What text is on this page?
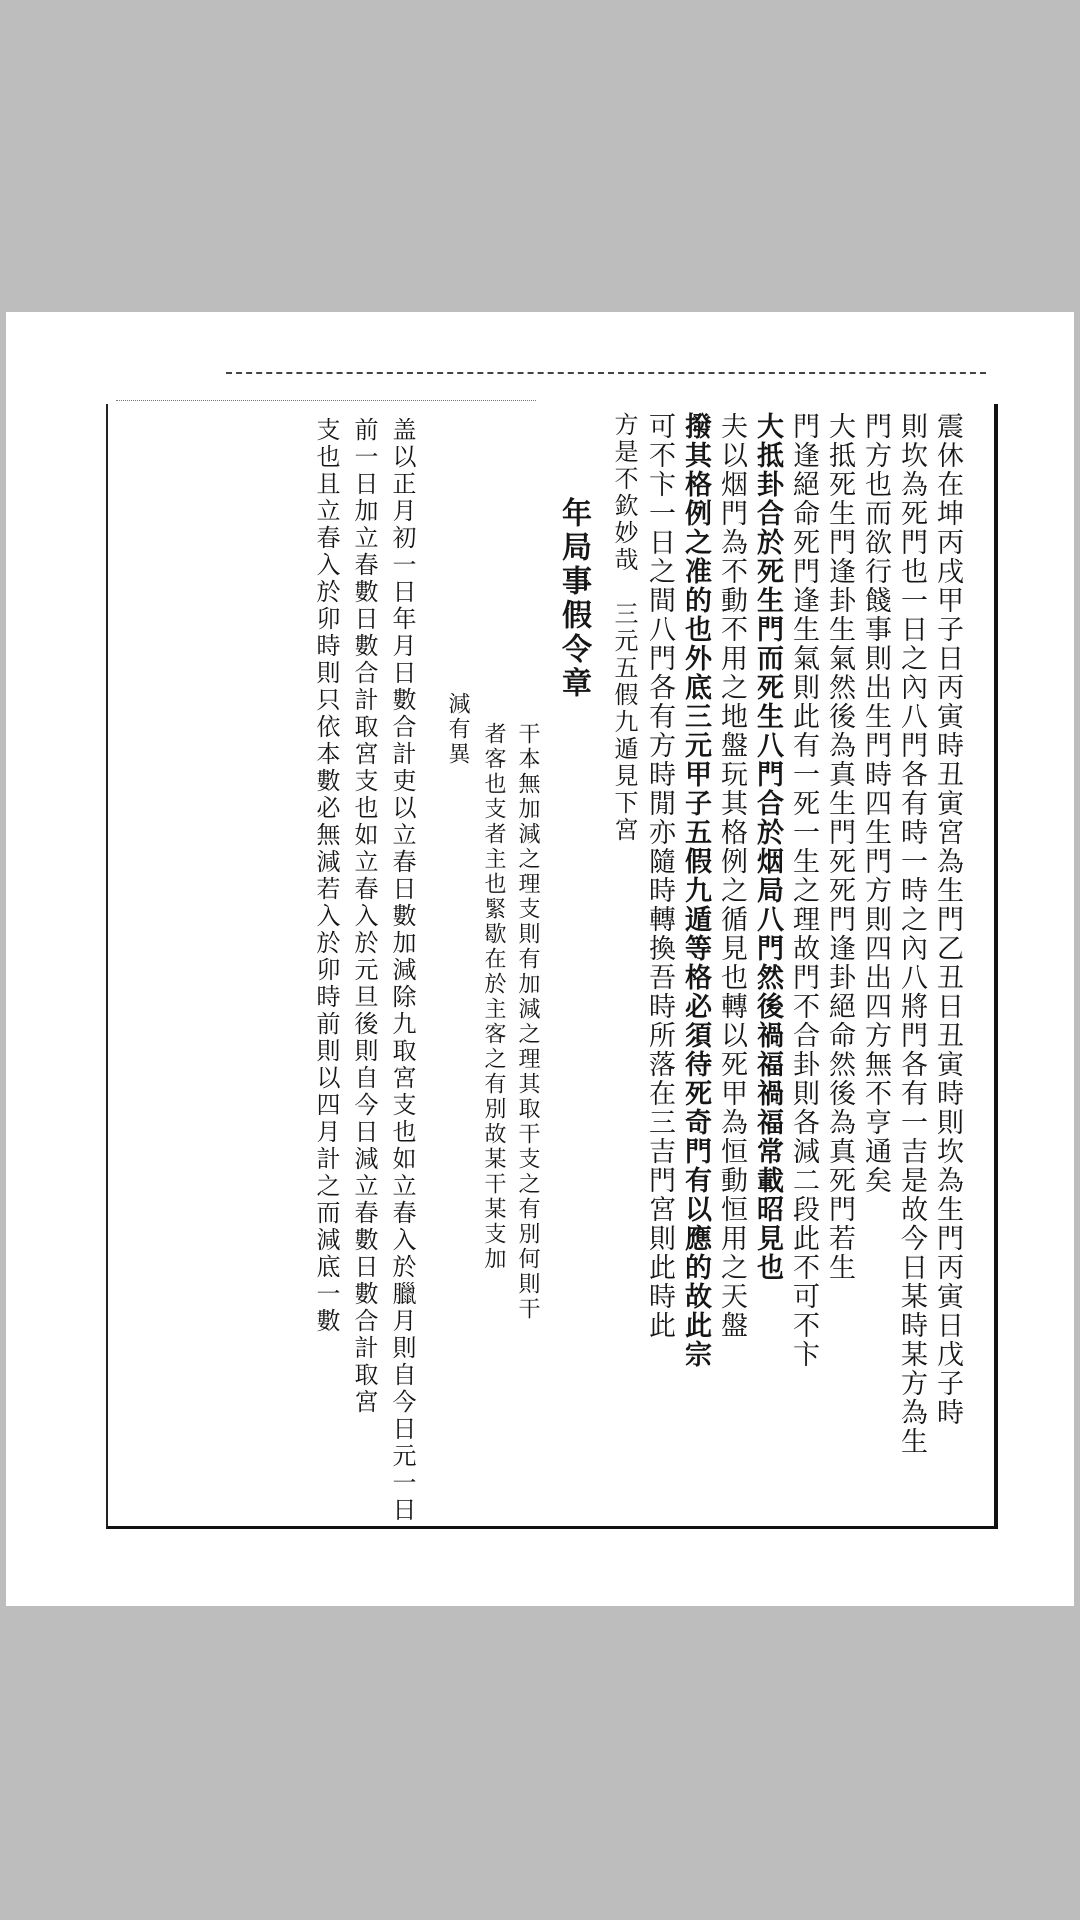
震休在坤丙戌甲子日丙寅時丑寅宮為生門乙丑日丑寅時則坎為生門丙寅日戊子時
則坎為死門也一日之內八門各有時一時之內八將門各有一吉是故今日某時某方為生
門方也而欲行餞事則出生門時四生門方則四出四方無不亨通矣
大抵死生門逢卦生氣然後為真生門死死門逢卦絕命然後為真死門若生
門逢絕命死門逢生氣則此有一死一生之理故門不合卦則各減二段此不可不卞
大抵卦合於死生門而死生八門合於烟局八門然後禍福禍福常載昭見也
夫以烟門為不動不用之地盤玩其格例之循見也轉以死甲為恒動恒用之天盤
撥其格例之准的也外底三元甲子五假九遁等格必須待死奇門有以應的故此宗
可不卞一日之間八門各有方時閒亦隨時轉換吾時所落在三吉門宮則此時此
方是不欽妙哉　三元五假九遁見下宮
年局事假令章
干本無加減之理支則有加減之理其取干支之有別何則干
者客也支者主也緊歇在於主客之有別故某干某支加
減有異
盖以正月初一日年月日數合計吏以立春日數加減除九取宮支也如立春入於臘月則自今日元一日
前一日加立春數日數合計取宮支也如立春入於元旦後則自今日減立春數日數合計取宮
支也且立春入於卯時則只依本數必無減若入於卯時前則以四月計之而減底一數
